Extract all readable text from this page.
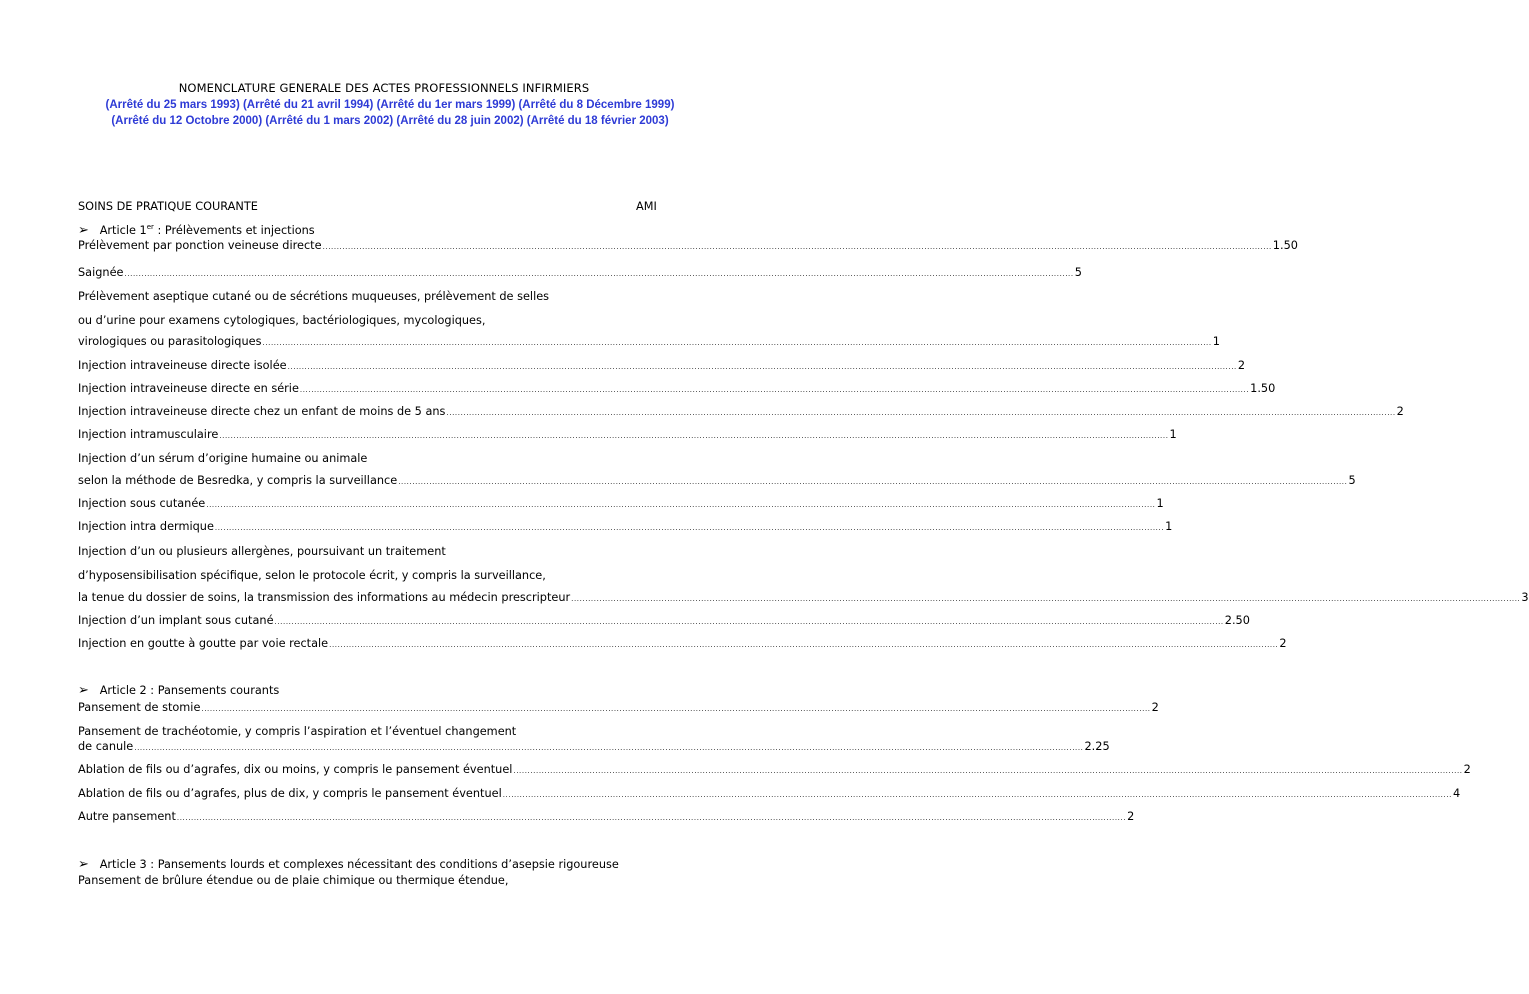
NOMENCLATURE GENERALE DES ACTES PROFESSIONNELS INFIRMIERS
(Arrêté du 25 mars 1993) (Arrêté du 21 avril 1994) (Arrêté du 1er mars 1999) (Arrêté du 8 Décembre 1999) (Arrêté du 12 Octobre 2000) (Arrêté du 1 mars 2002) (Arrêté du 28 juin 2002) (Arrêté du 18 février 2003)
SOINS DE PRATIQUE COURANTE	AMI
➢ Article 1er : Prélèvements et injections
Prélèvement par ponction veineuse directe ................................................................................................................................................................................................................................................................................................................................................ 1.50
Saignée ................................................................................................................................................................................................................................................................................................................................................ 5
Prélèvement aseptique cutané ou de sécrétions muqueuses, prélèvement de selles
ou d’urine pour examens cytologiques, bactériologiques, mycologiques,
virologiques ou parasitologiques ................................................................................................................................................................................................................................................................................................................................................ 1
Injection intraveineuse directe isolée ................................................................................................................................................................................................................................................................................................................................................ 2
Injection intraveineuse directe en série ................................................................................................................................................................................................................................................................................................................................................ 1.50
Injection intraveineuse directe chez un enfant de moins de 5 ans ................................................................................................................................................................................................................................................................................................................................................ 2
Injection intramusculaire ................................................................................................................................................................................................................................................................................................................................................ 1
Injection d’un sérum d’origine humaine ou animale
selon la méthode de Besredka, y compris la surveillance ................................................................................................................................................................................................................................................................................................................................................ 5
Injection sous cutanée ................................................................................................................................................................................................................................................................................................................................................ 1
Injection intra dermique ................................................................................................................................................................................................................................................................................................................................................ 1
Injection d’un ou plusieurs allergènes, poursuivant un traitement
d’hyposensibilisation spécifique, selon le protocole écrit, y compris la surveillance,
la tenue du dossier de soins, la transmission des informations au médecin prescripteur ................................................................................................................................................................................................................................................................................................................................................ 3
Injection d’un implant sous cutané ................................................................................................................................................................................................................................................................................................................................................ 2.50
Injection en goutte à goutte par voie rectale ................................................................................................................................................................................................................................................................................................................................................ 2
➢ Article 2 : Pansements courants
Pansement de stomie ................................................................................................................................................................................................................................................................................................................................................ 2
Pansement de trachéotomie, y compris l’aspiration et l’éventuel changement
de canule ................................................................................................................................................................................................................................................................................................................................................ 2.25
Ablation de fils ou d’agrafes, dix ou moins, y compris le pansement éventuel ................................................................................................................................................................................................................................................................................................................................................ 2
Ablation de fils ou d’agrafes, plus de dix, y compris le pansement éventuel ................................................................................................................................................................................................................................................................................................................................................ 4
Autre pansement ................................................................................................................................................................................................................................................................................................................................................ 2
➢ Article 3 : Pansements lourds et complexes nécessitant des conditions d’asepsie rigoureuse
Pansement de brûlure étendue ou de plaie chimique ou thermique étendue,
